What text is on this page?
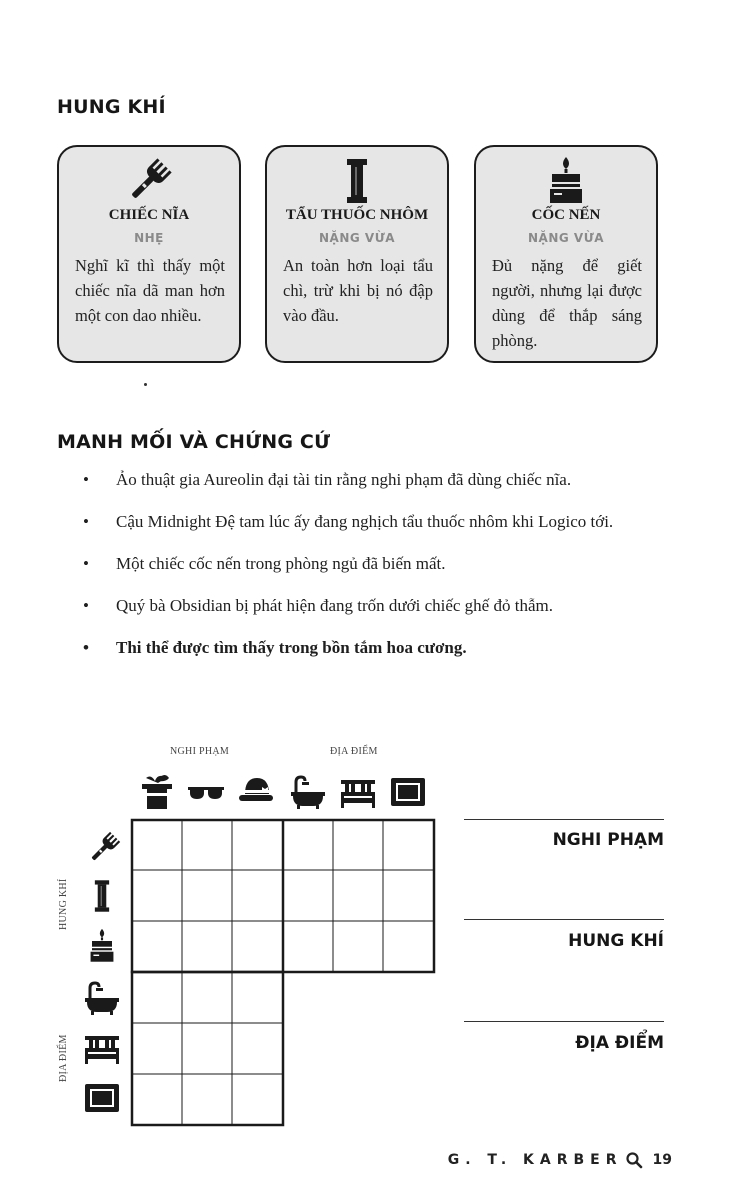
HUNG KHÍ
CHIẾC NĨA
NHẸ
Nghĩ kĩ thì thấy một chiếc nĩa dã man hơn một con dao nhiều.
TẨU THUỐC NHÔM
NẶNG VỪA
An toàn hơn loại tẩu chì, trừ khi bị nó đập vào đầu.
CỐC NẾN
NẶNG VỪA
Đủ nặng để giết người, nhưng lại được dùng để thắp sáng phòng.
MANH MỐI VÀ CHỨNG CỨ
• Ảo thuật gia Aureolin đại tài tin rằng nghi phạm đã dùng chiếc nĩa.
• Cậu Midnight Đệ tam lúc ấy đang nghịch tẩu thuốc nhôm khi Logico tới.
• Một chiếc cốc nến trong phòng ngủ đã biến mất.
• Quý bà Obsidian bị phát hiện đang trốn dưới chiếc ghế đỏ thẫm.
• Thi thể được tìm thấy trong bồn tắm hoa cương.
NGHI PHẠM	ĐỊA ĐIỂM
HUNG KHÍ
ĐỊA ĐIỂM
NGHI PHẠM
HUNG KHÍ
ĐỊA ĐIỂM
G. T. KARBER 19
